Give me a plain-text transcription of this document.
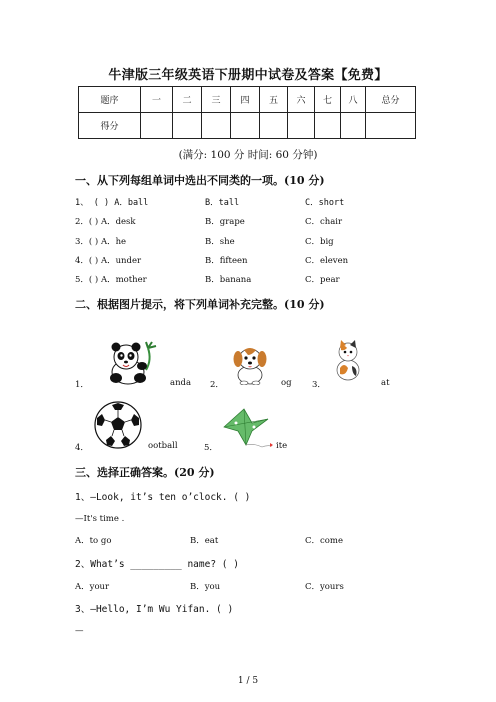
牛津版三年级英语下册期中试卷及答案【免费】
题序	一	二	三	四	五	六	七	八	总分
得分									
(满分: 100 分 时间: 60 分钟)
一、从下列每组单词中选出不同类的一项。(10 分)
1、 ( ) A．ball	B．tall	C．short
2．( ) A．desk	B．grape	C．chair
3．( ) A．he	B．she	C．big
4．( ) A．under	B．fifteen	C．eleven
5．( ) A．mother	B．banana	C．pear
二、根据图片提示，将下列单词补充完整。(10 分)
1．	anda 2．	og 3．	at
4．	ootball	5．	ite
三、选择正确答案。(20 分)
1、—Look, it’s ten o’clock. ( )
—It's time .
A．to go	B．eat	C．come
2、What’s _________ name? ( )
A．your	B．you	C．yours
3、—Hello, I’m Wu Yifan. ( )
—
1 / 5
